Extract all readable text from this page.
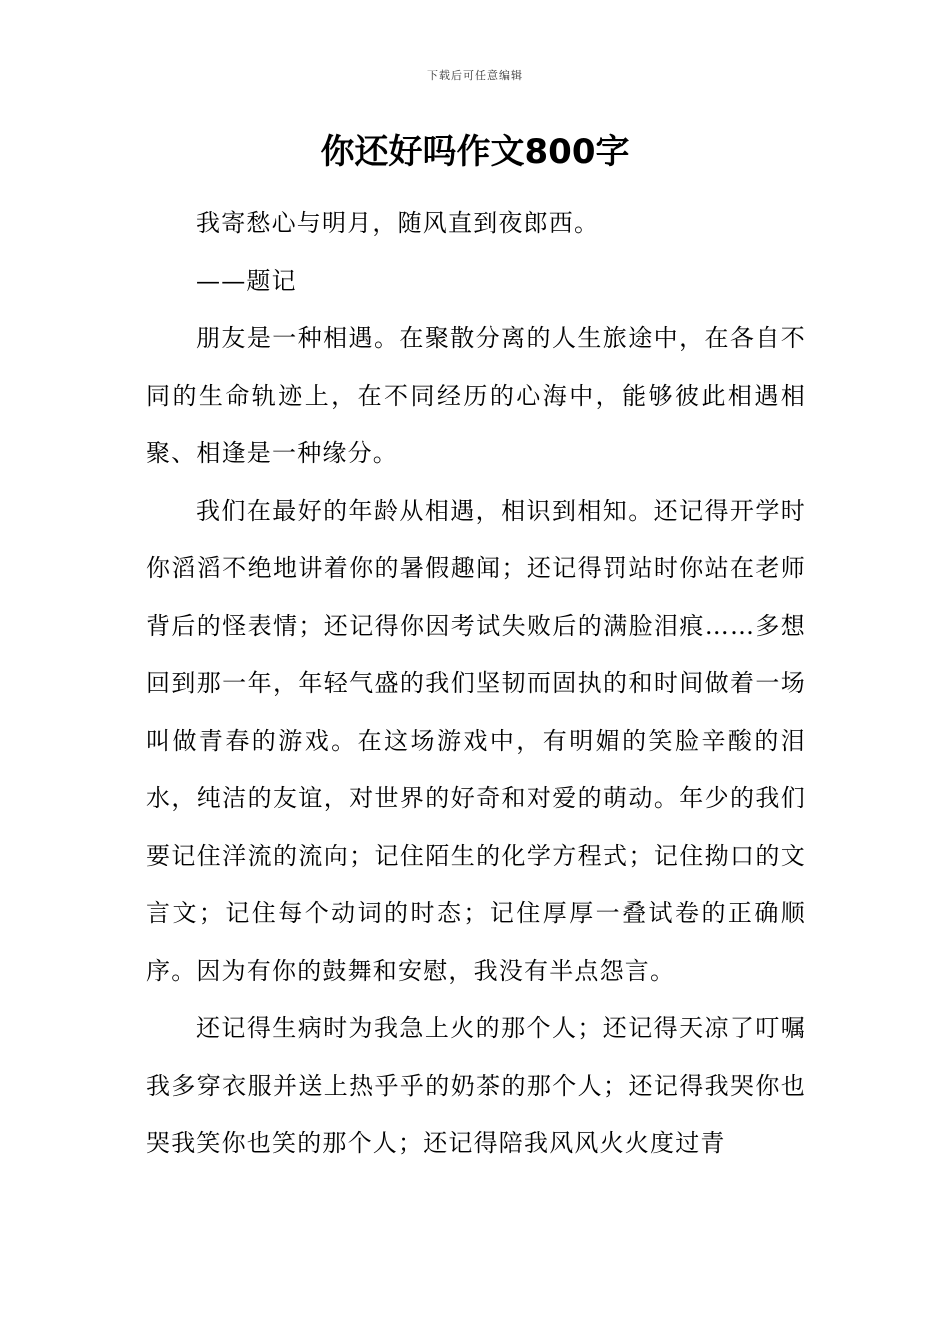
下载后可任意编辑
你还好吗作文800字

我寄愁心与明月，随风直到夜郎西。

——题记

朋友是一种相遇。在聚散分离的人生旅途中，在各自不同的生命轨迹上，在不同经历的心海中，能够彼此相遇相聚、相逢是一种缘分。

我们在最好的年龄从相遇，相识到相知。还记得开学时你滔滔不绝地讲着你的暑假趣闻；还记得罚站时你站在老师背后的怪表情；还记得你因考试失败后的满脸泪痕……多想回到那一年，年轻气盛的我们坚韧而固执的和时间做着一场叫做青春的游戏。在这场游戏中，有明媚的笑脸辛酸的泪水，纯洁的友谊，对世界的好奇和对爱的萌动。年少的我们要记住洋流的流向；记住陌生的化学方程式；记住拗口的文言文；记住每个动词的时态；记住厚厚一叠试卷的正确顺序。因为有你的鼓舞和安慰，我没有半点怨言。

还记得生病时为我急上火的那个人；还记得天凉了叮嘱我多穿衣服并送上热乎乎的奶茶的那个人；还记得我哭你也哭我笑你也笑的那个人；还记得陪我风风火火度过青
